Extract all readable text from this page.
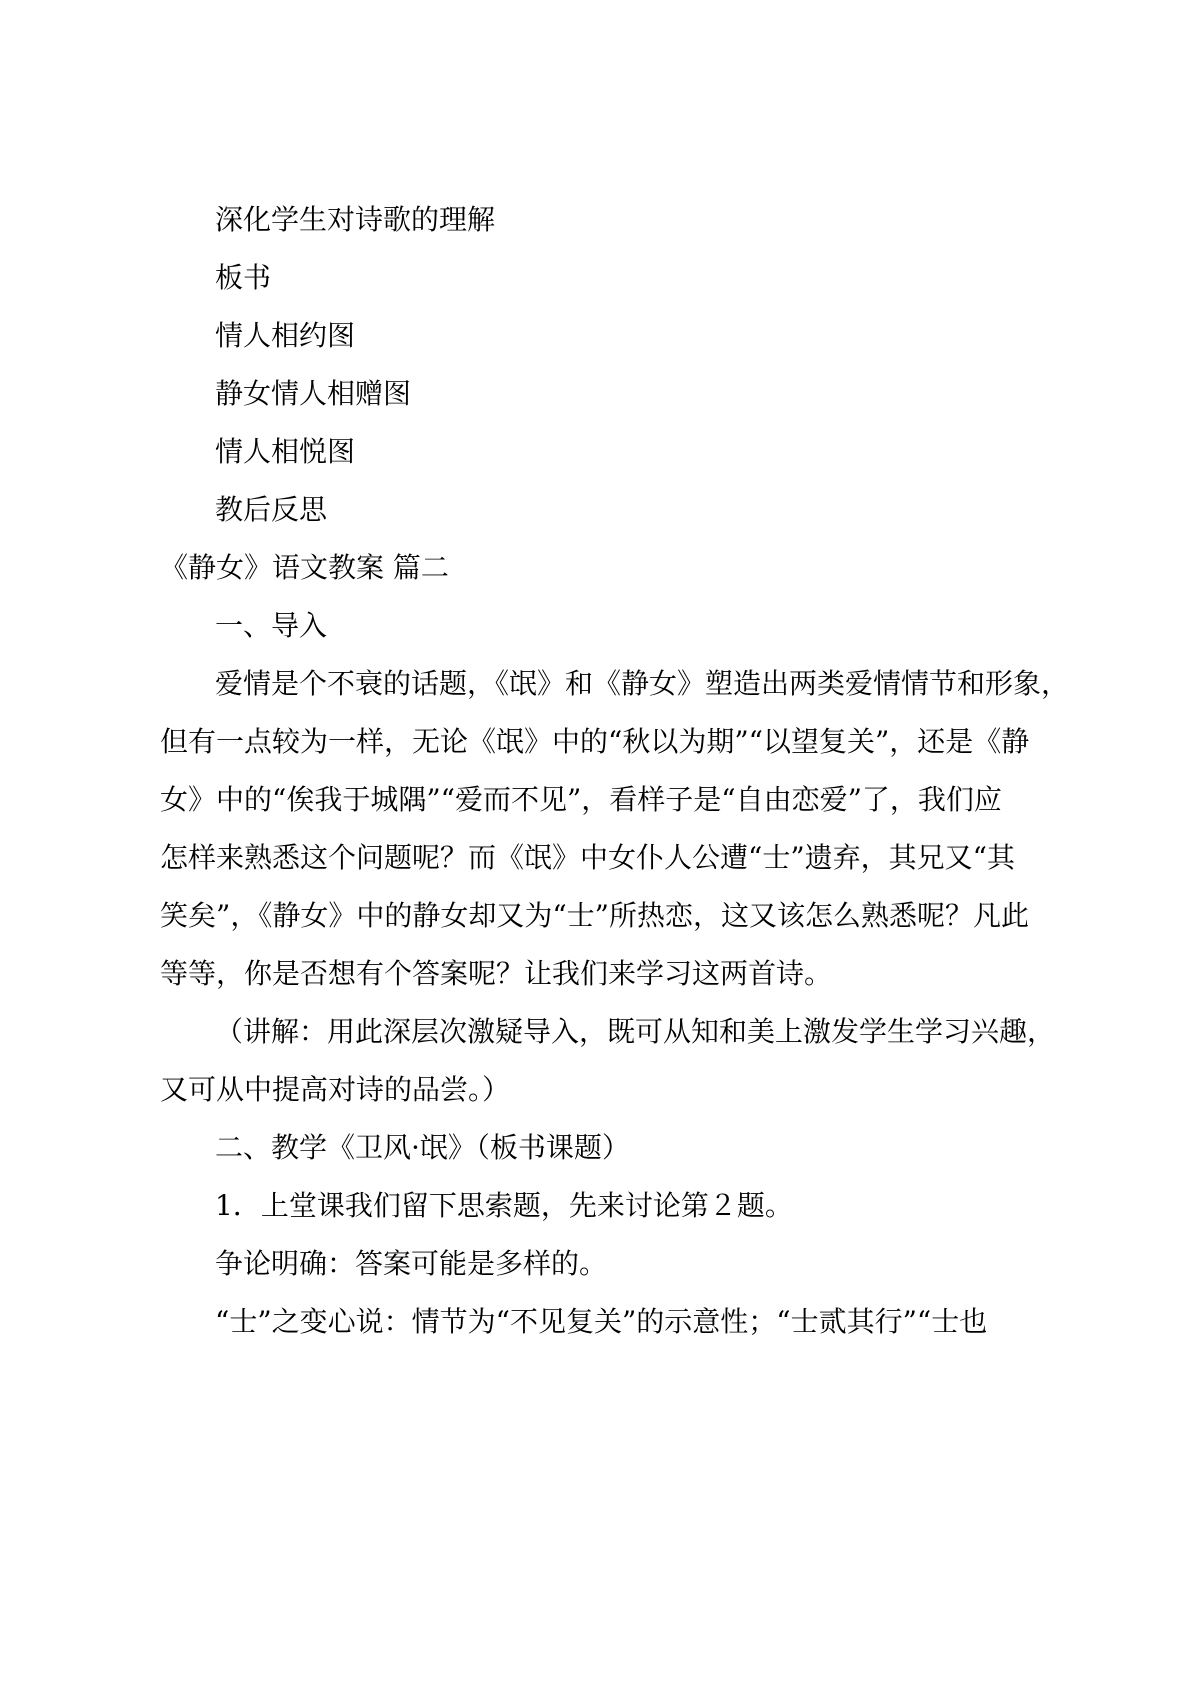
深化学生对诗歌的理解
板书
情人相约图
静女情人相赠图
情人相悦图
教后反思
《静女》语文教案 篇二
一、导入
爱情是个不衰的话题，《氓》和《静女》塑造出两类爱情情节和形象，
但有一点较为一样，无论《氓》中的“秋以为期”“以望复关”，还是《静
女》中的“俟我于城隅”“爱而不见”，看样子是“自由恋爱”了，我们应
怎样来熟悉这个问题呢？而《氓》中女仆人公遭“士”遗弃，其兄又“其
笑矣”，《静女》中的静女却又为“士”所热恋，这又该怎么熟悉呢？凡此
等等，你是否想有个答案呢？让我们来学习这两首诗。
（讲解：用此深层次激疑导入，既可从知和美上激发学生学习兴趣，
又可从中提高对诗的品尝。）
二、教学《卫风·氓》（板书课题）
1．上堂课我们留下思索题，先来讨论第２题。
争论明确：答案可能是多样的。
“士”之变心说：情节为“不见复关”的示意性；“士贰其行”“士也
